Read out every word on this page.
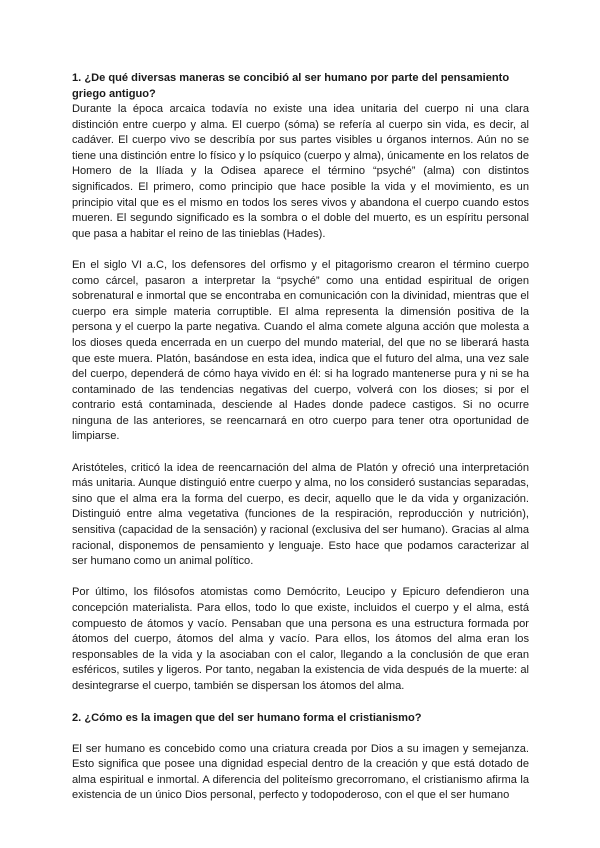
1. ¿De qué diversas maneras se concibió al ser humano por parte del pensamiento griego antiguo?

Durante la época arcaica todavía no existe una idea unitaria del cuerpo ni una clara distinción entre cuerpo y alma. El cuerpo (sóma) se refería al cuerpo sin vida, es decir, al cadáver. El cuerpo vivo se describía por sus partes visibles u órganos internos. Aún no se tiene una distinción entre lo físico y lo psíquico (cuerpo y alma), únicamente en los relatos de Homero de la Ilíada y la Odisea aparece el término “psyché” (alma) con distintos significados. El primero, como principio que hace posible la vida y el movimiento, es un principio vital que es el mismo en todos los seres vivos y abandona el cuerpo cuando estos mueren. El segundo significado es la sombra o el doble del muerto, es un espíritu personal que pasa a habitar el reino de las tinieblas (Hades).

En el siglo VI a.C, los defensores del orfismo y el pitagorismo crearon el término cuerpo como cárcel, pasaron a interpretar la “psyché” como una entidad espiritual de origen sobrenatural e inmortal que se encontraba en comunicación con la divinidad, mientras que el cuerpo era simple materia corruptible. El alma representa la dimensión positiva de la persona y el cuerpo la parte negativa. Cuando el alma comete alguna acción que molesta a los dioses queda encerrada en un cuerpo del mundo material, del que no se liberará hasta que este muera. Platón, basándose en esta idea, indica que el futuro del alma, una vez sale del cuerpo, dependerá de cómo haya vivido en él: si ha logrado mantenerse pura y ni se ha contaminado de las tendencias negativas del cuerpo, volverá con los dioses; si por el contrario está contaminada, desciende al Hades donde padece castigos. Si no ocurre ninguna de las anteriores, se reencarnará en otro cuerpo para tener otra oportunidad de limpiarse.

Aristóteles, criticó la idea de reencarnación del alma de Platón y ofreció una interpretación más unitaria. Aunque distinguió entre cuerpo y alma, no los consideró sustancias separadas, sino que el alma era la forma del cuerpo, es decir, aquello que le da vida y organización. Distinguió entre alma vegetativa (funciones de la respiración, reproducción y nutrición), sensitiva (capacidad de la sensación) y racional (exclusiva del ser humano). Gracias al alma racional, disponemos de pensamiento y lenguaje. Esto hace que podamos caracterizar al ser humano como un animal político.

Por último, los filósofos atomistas como Demócrito, Leucipo y Epicuro defendieron una concepción materialista. Para ellos, todo lo que existe, incluidos el cuerpo y el alma, está compuesto de átomos y vacío. Pensaban que una persona es una estructura formada por átomos del cuerpo, átomos del alma y vacío. Para ellos, los átomos del alma eran los responsables de la vida y la asociaban con el calor, llegando a la conclusión de que eran esféricos, sutiles y ligeros. Por tanto, negaban la existencia de vida después de la muerte: al desintegrarse el cuerpo, también se dispersan los átomos del alma.

2. ¿Cómo es la imagen que del ser humano forma el cristianismo?

El ser humano es concebido como una criatura creada por Dios a su imagen y semejanza. Esto significa que posee una dignidad especial dentro de la creación y que está dotado de alma espiritual e inmortal. A diferencia del politeísmo grecorromano, el cristianismo afirma la existencia de un único Dios personal, perfecto y todopoderoso, con el que el ser humano
